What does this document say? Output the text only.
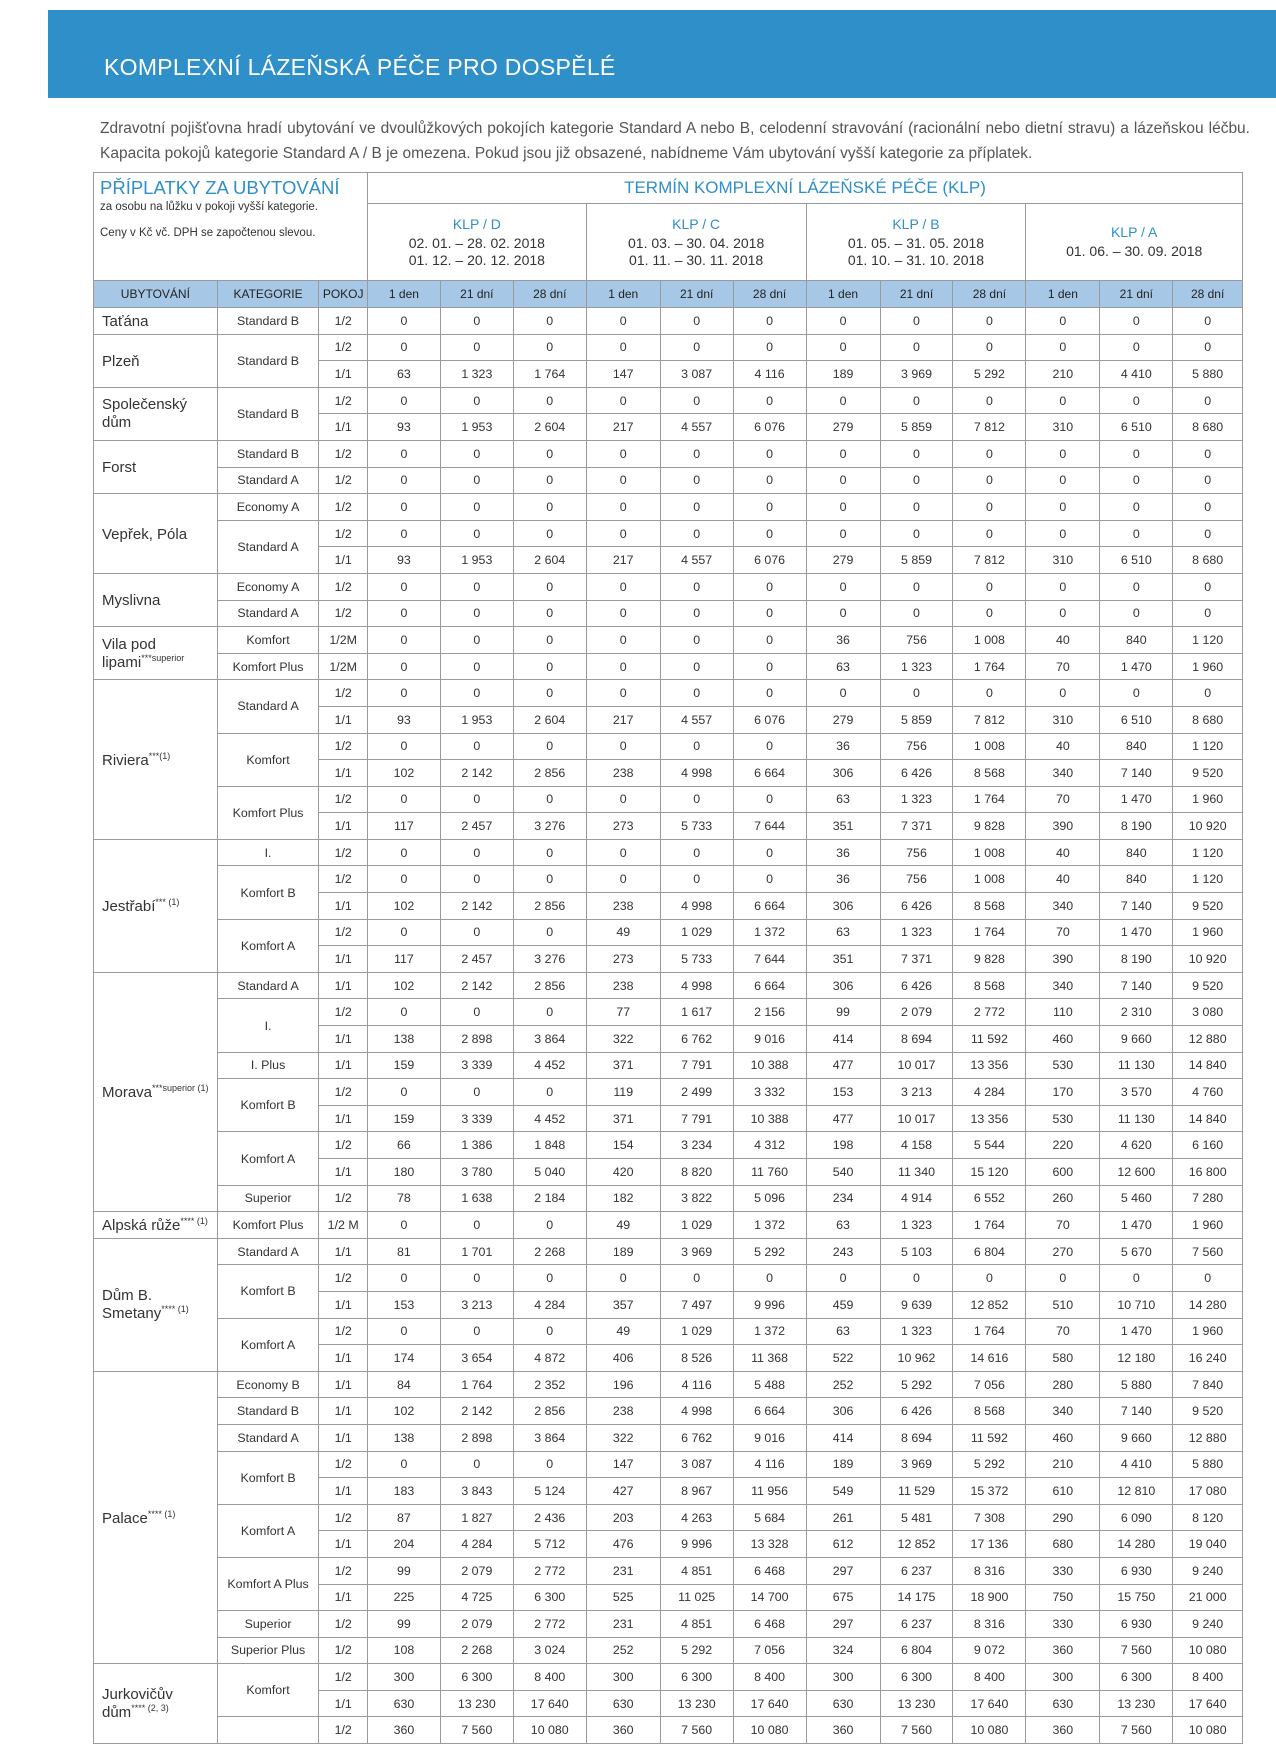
KOMPLEXNÍ LÁZEŇSKÁ PÉČE PRO DOSPĚLÉ
Zdravotní pojišťovna hradí ubytování ve dvoulůžkových pokojích kategorie Standard A nebo B, celodenní stravování (racionální nebo dietní stravu) a lázeňskou léčbu. Kapacita pokojů kategorie Standard A / B je omezena. Pokud jsou již obsazené, nabídneme Vám ubytování vyšší kategorie za příplatek.
PŘÍPLATKY ZA UBYTOVÁNÍ
za osobu na lůžku v pokoji vyšší kategorie.
Ceny v Kč vč. DPH se započtenou slevou.			TERMÍN KOMPLEXNÍ LÁZEŇSKÉ PÉČE (KLP)											

			KLP / D
02. 01. – 28. 02. 2018
01. 12. – 20. 12. 2018			KLP / C
01. 03. – 30. 04. 2018
01. 11. – 30. 11. 2018			KLP / B
01. 05. – 31. 05. 2018
01. 10. – 31. 10. 2018			KLP / A
01. 06. – 30. 09. 2018		

UBYTOVÁNÍ	KATEGORIE	POKOJ	1 den	21 dní	28 dní	1 den	21 dní	28 dní	1 den	21 dní	28 dní	1 den	21 dní	28 dní
Taťána	Standard B	1/2	0	0	0	0	0	0	0	0	0	0	0	0
Plzeň	Standard B	1/2	0	0	0	0	0	0	0	0	0	0	0	0
		1/1	63	1 323	1 764	147	3 087	4 116	189	3 969	5 292	210	4 410	5 880
Společenský dům	Standard B	1/2	0	0	0	0	0	0	0	0	0	0	0	0
		1/1	93	1 953	2 604	217	4 557	6 076	279	5 859	7 812	310	6 510	8 680
Forst	Standard B	1/2	0	0	0	0	0	0	0	0	0	0	0	0
	Standard A	1/2	0	0	0	0	0	0	0	0	0	0	0	0
Vepřek, Póla	Economy A	1/2	0	0	0	0	0	0	0	0	0	0	0	0
	Standard A	1/2	0	0	0	0	0	0	0	0	0	0	0	0
		1/1	93	1 953	2 604	217	4 557	6 076	279	5 859	7 812	310	6 510	8 680
Myslivna	Economy A	1/2	0	0	0	0	0	0	0	0	0	0	0	0
	Standard A	1/2	0	0	0	0	0	0	0	0	0	0	0	0
Vila pod lipami$^{***superior}$	Komfort	1/2M	0	0	0	0	0	0	36	756	1 008	40	840	1 120
	Komfort Plus	1/2M	0	0	0	0	0	0	63	1 323	1 764	70	1 470	1 960
Riviera$^{***(1)}$	Standard A	1/2	0	0	0	0	0	0	0	0	0	0	0	0
		1/1	93	1 953	2 604	217	4 557	6 076	279	5 859	7 812	310	6 510	8 680
	Komfort	1/2	0	0	0	0	0	0	36	756	1 008	40	840	1 120
		1/1	102	2 142	2 856	238	4 998	6 664	306	6 426	8 568	340	7 140	9 520
	Komfort Plus	1/2	0	0	0	0	0	0	63	1 323	1 764	70	1 470	1 960
		1/1	117	2 457	3 276	273	5 733	7 644	351	7 371	9 828	390	8 190	10 920
Jestřabí$^{*** (1)}$	I.	1/2	0	0	0	0	0	0	36	756	1 008	40	840	1 120
	Komfort B	1/2	0	0	0	0	0	0	36	756	1 008	40	840	1 120
		1/1	102	2 142	2 856	238	4 998	6 664	306	6 426	8 568	340	7 140	9 520
	Komfort A	1/2	0	0	0	49	1 029	1 372	63	1 323	1 764	70	1 470	1 960
		1/1	117	2 457	3 276	273	5 733	7 644	351	7 371	9 828	390	8 190	10 920
Morava$^{***superior (1)}$	Standard A	1/1	102	2 142	2 856	238	4 998	6 664	306	6 426	8 568	340	7 140	9 520
	I.	1/2	0	0	0	77	1 617	2 156	99	2 079	2 772	110	2 310	3 080
		1/1	138	2 898	3 864	322	6 762	9 016	414	8 694	11 592	460	9 660	12 880
	I. Plus	1/1	159	3 339	4 452	371	7 791	10 388	477	10 017	13 356	530	11 130	14 840
	Komfort B	1/2	0	0	0	119	2 499	3 332	153	3 213	4 284	170	3 570	4 760
		1/1	159	3 339	4 452	371	7 791	10 388	477	10 017	13 356	530	11 130	14 840
	Komfort A	1/2	66	1 386	1 848	154	3 234	4 312	198	4 158	5 544	220	4 620	6 160
		1/1	180	3 780	5 040	420	8 820	11 760	540	11 340	15 120	600	12 600	16 800
	Superior	1/2	78	1 638	2 184	182	3 822	5 096	234	4 914	6 552	260	5 460	7 280
Alpská růže$^{**** (1)}$	Komfort Plus	1/2 M	0	0	0	49	1 029	1 372	63	1 323	1 764	70	1 470	1 960
Dům B. Smetany$^{**** (1)}$	Standard A	1/1	81	1 701	2 268	189	3 969	5 292	243	5 103	6 804	270	5 670	7 560
	Komfort B	1/2	0	0	0	0	0	0	0	0	0	0	0	0
		1/1	153	3 213	4 284	357	7 497	9 996	459	9 639	12 852	510	10 710	14 280
	Komfort A	1/2	0	0	0	49	1 029	1 372	63	1 323	1 764	70	1 470	1 960
		1/1	174	3 654	4 872	406	8 526	11 368	522	10 962	14 616	580	12 180	16 240
Palace$^{**** (1)}$	Economy B	1/1	84	1 764	2 352	196	4 116	5 488	252	5 292	7 056	280	5 880	7 840
	Standard B	1/1	102	2 142	2 856	238	4 998	6 664	306	6 426	8 568	340	7 140	9 520
	Standard A	1/1	138	2 898	3 864	322	6 762	9 016	414	8 694	11 592	460	9 660	12 880
	Komfort B	1/2	0	0	0	147	3 087	4 116	189	3 969	5 292	210	4 410	5 880
		1/1	183	3 843	5 124	427	8 967	11 956	549	11 529	15 372	610	12 810	17 080
	Komfort A	1/2	87	1 827	2 436	203	4 263	5 684	261	5 481	7 308	290	6 090	8 120
		1/1	204	4 284	5 712	476	9 996	13 328	612	12 852	17 136	680	14 280	19 040
	Komfort A Plus	1/2	99	2 079	2 772	231	4 851	6 468	297	6 237	8 316	330	6 930	9 240
		1/1	225	4 725	6 300	525	11 025	14 700	675	14 175	18 900	750	15 750	21 000
	Superior	1/2	99	2 079	2 772	231	4 851	6 468	297	6 237	8 316	330	6 930	9 240
	Superior Plus	1/2	108	2 268	3 024	252	5 292	7 056	324	6 804	9 072	360	7 560	10 080
Jurkovičův dům$^{**** (2, 3)}$	Komfort	1/2	300	6 300	8 400	300	6 300	8 400	300	6 300	8 400	300	6 300	8 400
		1/1	630	13 230	17 640	630	13 230	17 640	630	13 230	17 640	630	13 230	17 640
		1/2	360	7 560	10 080	360	7 560	10 080	360	7 560	10 080	360	7 560	10 080
